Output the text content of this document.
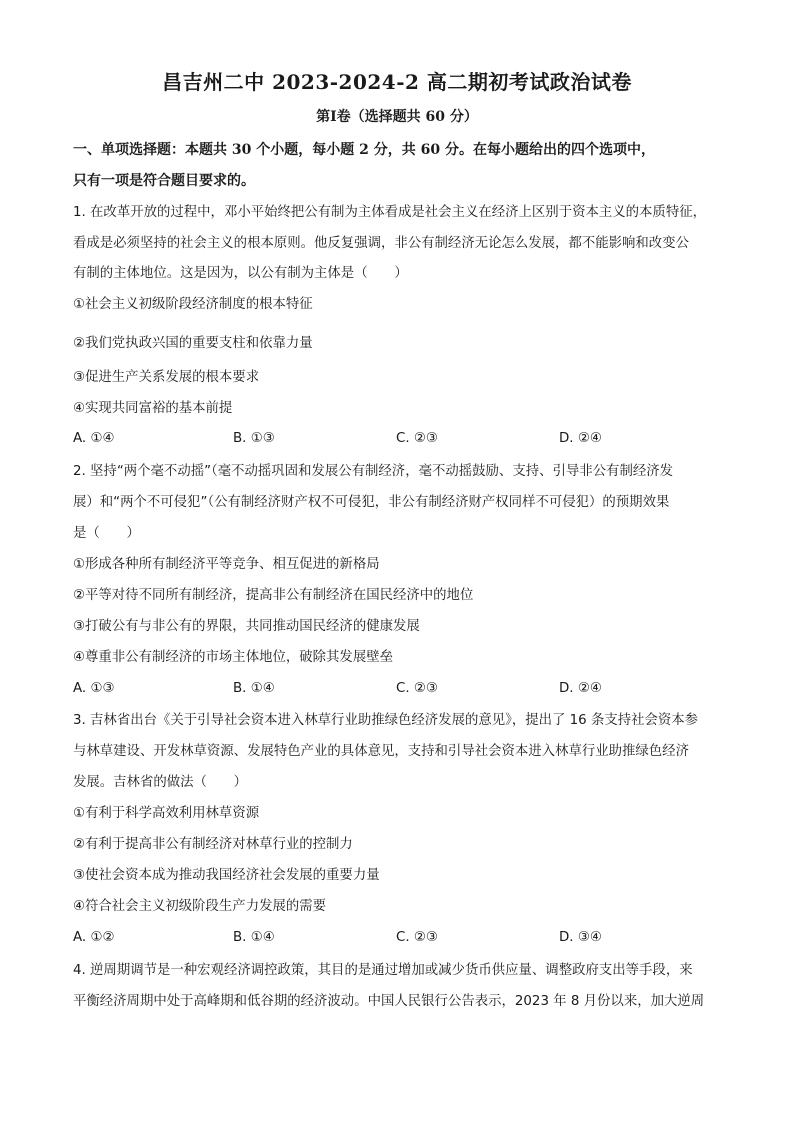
昌吉州二中 2023-2024-2 高二期初考试政治试卷
第Ⅰ卷（选择题共 60 分）
一、单项选择题：本题共 30 个小题，每小题 2 分，共 60 分。在每小题给出的四个选项中，
只有一项是符合题目要求的。
1. 在改革开放的过程中，邓小平始终把公有制为主体看成是社会主义在经济上区别于资本主义的本质特征，
看成是必须坚持的社会主义的根本原则。他反复强调，非公有制经济无论怎么发展，都不能影响和改变公
有制的主体地位。这是因为，以公有制为主体是（　　）
①社会主义初级阶段经济制度的根本特征
②我们党执政兴国的重要支柱和依靠力量
③促进生产关系发展的根本要求
④实现共同富裕的基本前提
A. ①④	B. ①③	C. ②③	D. ②④
2. 坚持“两个毫不动摇”（毫不动摇巩固和发展公有制经济，毫不动摇鼓励、支持、引导非公有制经济发
展）和“两个不可侵犯”（公有制经济财产权不可侵犯，非公有制经济财产权同样不可侵犯）的预期效果
是（　　）
①形成各种所有制经济平等竞争、相互促进的新格局
②平等对待不同所有制经济，提高非公有制经济在国民经济中的地位
③打破公有与非公有的界限，共同推动国民经济的健康发展
④尊重非公有制经济的市场主体地位，破除其发展壁垒
A. ①③	B. ①④	C. ②③	D. ②④
3. 吉林省出台《关于引导社会资本进入林草行业助推绿色经济发展的意见》，提出了 16 条支持社会资本参
与林草建设、开发林草资源、发展特色产业的具体意见，支持和引导社会资本进入林草行业助推绿色经济
发展。吉林省的做法（　　）
①有利于科学高效利用林草资源
②有利于提高非公有制经济对林草行业的控制力
③使社会资本成为推动我国经济社会发展的重要力量
④符合社会主义初级阶段生产力发展的需要
A. ①②	B. ①④	C. ②③	D. ③④
4. 逆周期调节是一种宏观经济调控政策，其目的是通过增加或减少货币供应量、调整政府支出等手段，来
平衡经济周期中处于高峰期和低谷期的经济波动。中国人民银行公告表示，2023 年 8 月份以来，加大逆周
